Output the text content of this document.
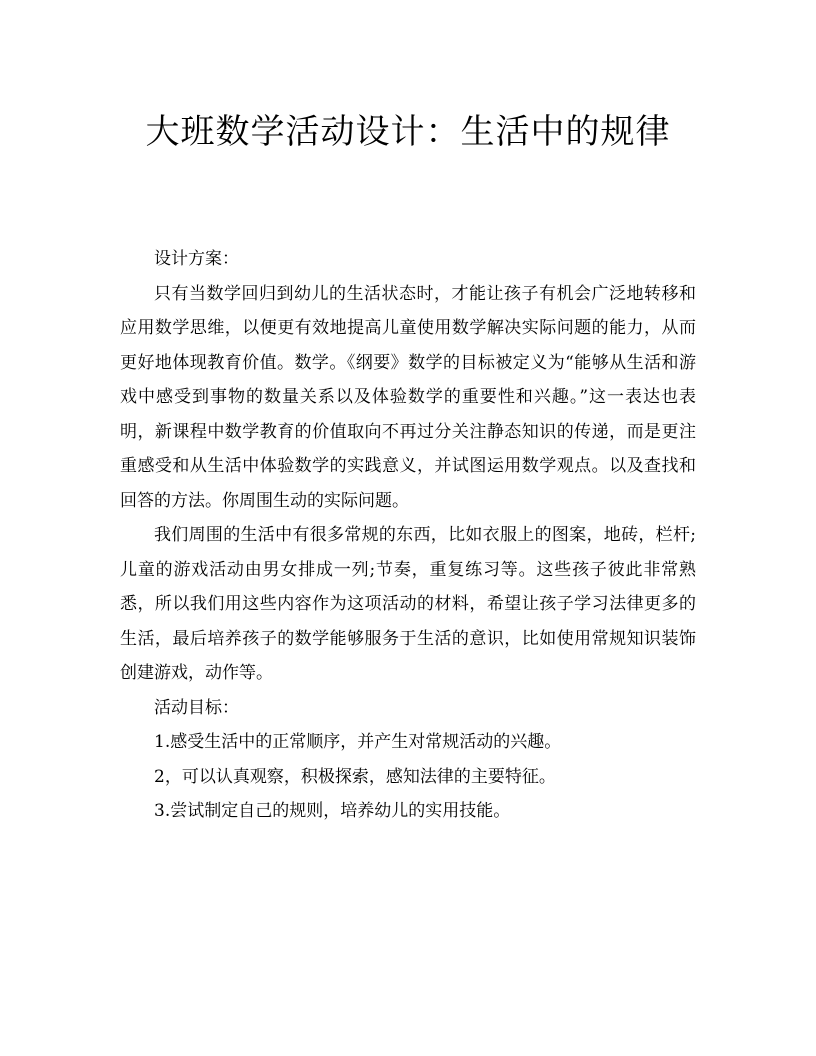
大班数学活动设计：生活中的规律

设计方案：

只有当数学回归到幼儿的生活状态时，才能让孩子有机会广泛地转移和应用数学思维，以便更有效地提高儿童使用数学解决实际问题的能力，从而更好地体现教育价值。数学。《纲要》数学的目标被定义为“能够从生活和游戏中感受到事物的数量关系以及体验数学的重要性和兴趣。”这一表达也表明，新课程中数学教育的价值取向不再过分关注静态知识的传递，而是更注重感受和从生活中体验数学的实践意义，并试图运用数学观点。以及查找和回答的方法。你周围生动的实际问题。

我们周围的生活中有很多常规的东西，比如衣服上的图案，地砖，栏杆;儿童的游戏活动由男女排成一列;节奏，重复练习等。这些孩子彼此非常熟悉，所以我们用这些内容作为这项活动的材料，希望让孩子学习法律更多的生活，最后培养孩子的数学能够服务于生活的意识，比如使用常规知识装饰创建游戏，动作等。

活动目标：

1.感受生活中的正常顺序，并产生对常规活动的兴趣。

2，可以认真观察，积极探索，感知法律的主要特征。

3.尝试制定自己的规则，培养幼儿的实用技能。
